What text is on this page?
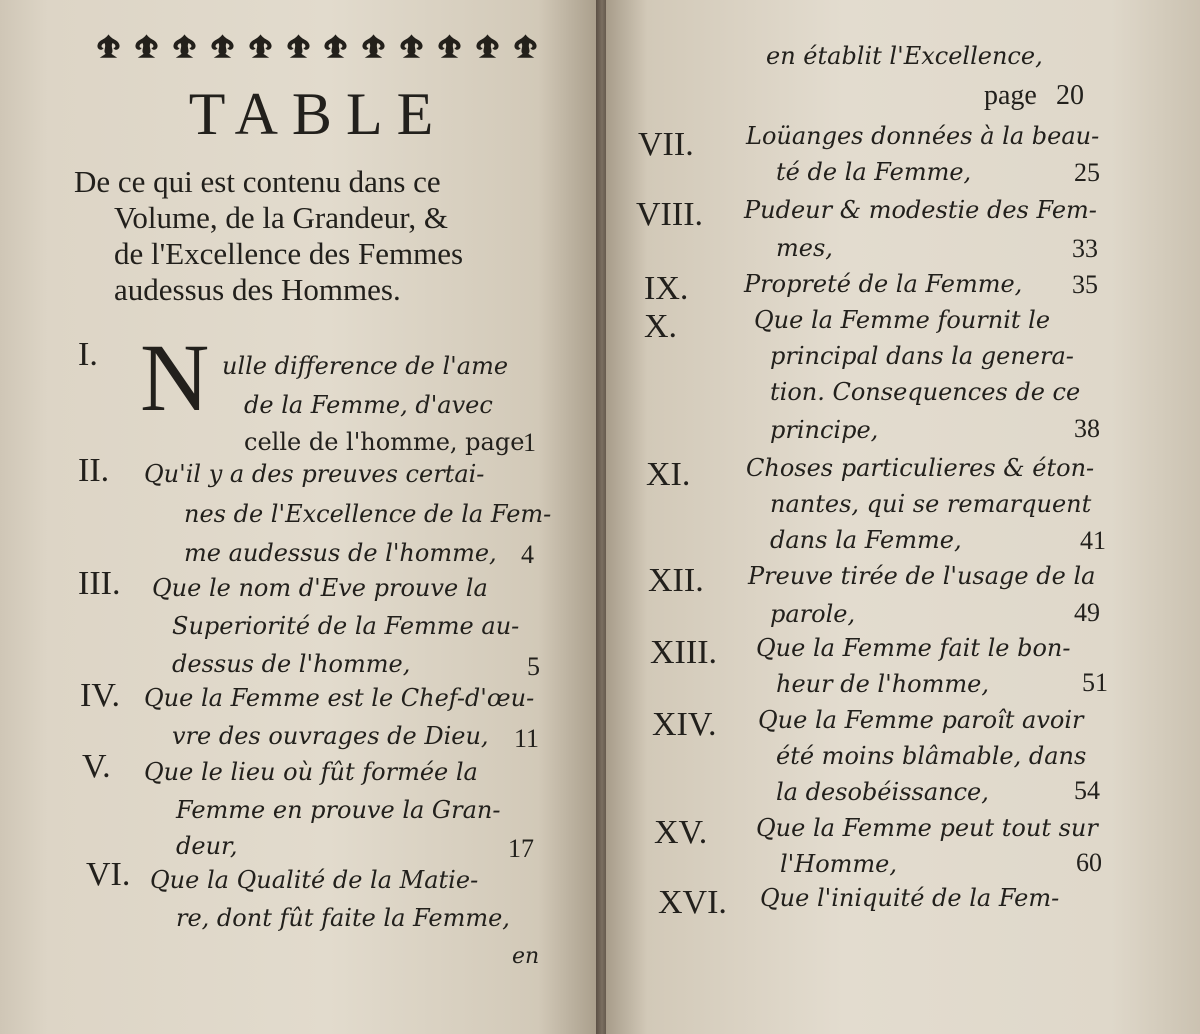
TABLE
De ce qui est contenu dans ce
Volume, de la Grandeur, &
de l'Excellence des Femmes
audessus des Hommes.
I. N ulle difference de l'ame
de la Femme, d'avec
celle de l'homme, page
1
II. Qu'il y a des preuves certai-
nes de l'Excellence de la Fem-
me audessus de l'homme, 4
III. Que le nom d'Eve prouve la
Superiorité de la Femme au-
dessus de l'homme,	5
IV. Que la Femme est le Chef-d'œu-
vre des ouvrages de Dieu, 11
V. Que le lieu où fût formée la
Femme en prouve la Gran-
deur,	17
VI. Que la Qualité de la Matie-
re, dont fût faite la Femme,
en
en établit l'Excellence,
page 20
VII. Loüanges données à la beau-
té de la Femme,	25
VIII. Pudeur & modestie des Fem-
mes,	33
IX. Propreté de la Femme, 35
X.	Que la Femme fournit le
principal dans la genera-
tion. Consequences de ce
principe,	38
XI. Choses particulieres & éton-
nantes, qui se remarquent
dans la Femme,	41
XII. Preuve tirée de l'usage de la
parole,	49
XIII. Que la Femme fait le bon-
heur de l'homme,	51
XIV. Que la Femme paroît avoir
été moins blâmable, dans
la desobéissance,	54
XV. Que la Femme peut tout sur
l'Homme,	60
XVI. Que l'iniquité de la Fem-
